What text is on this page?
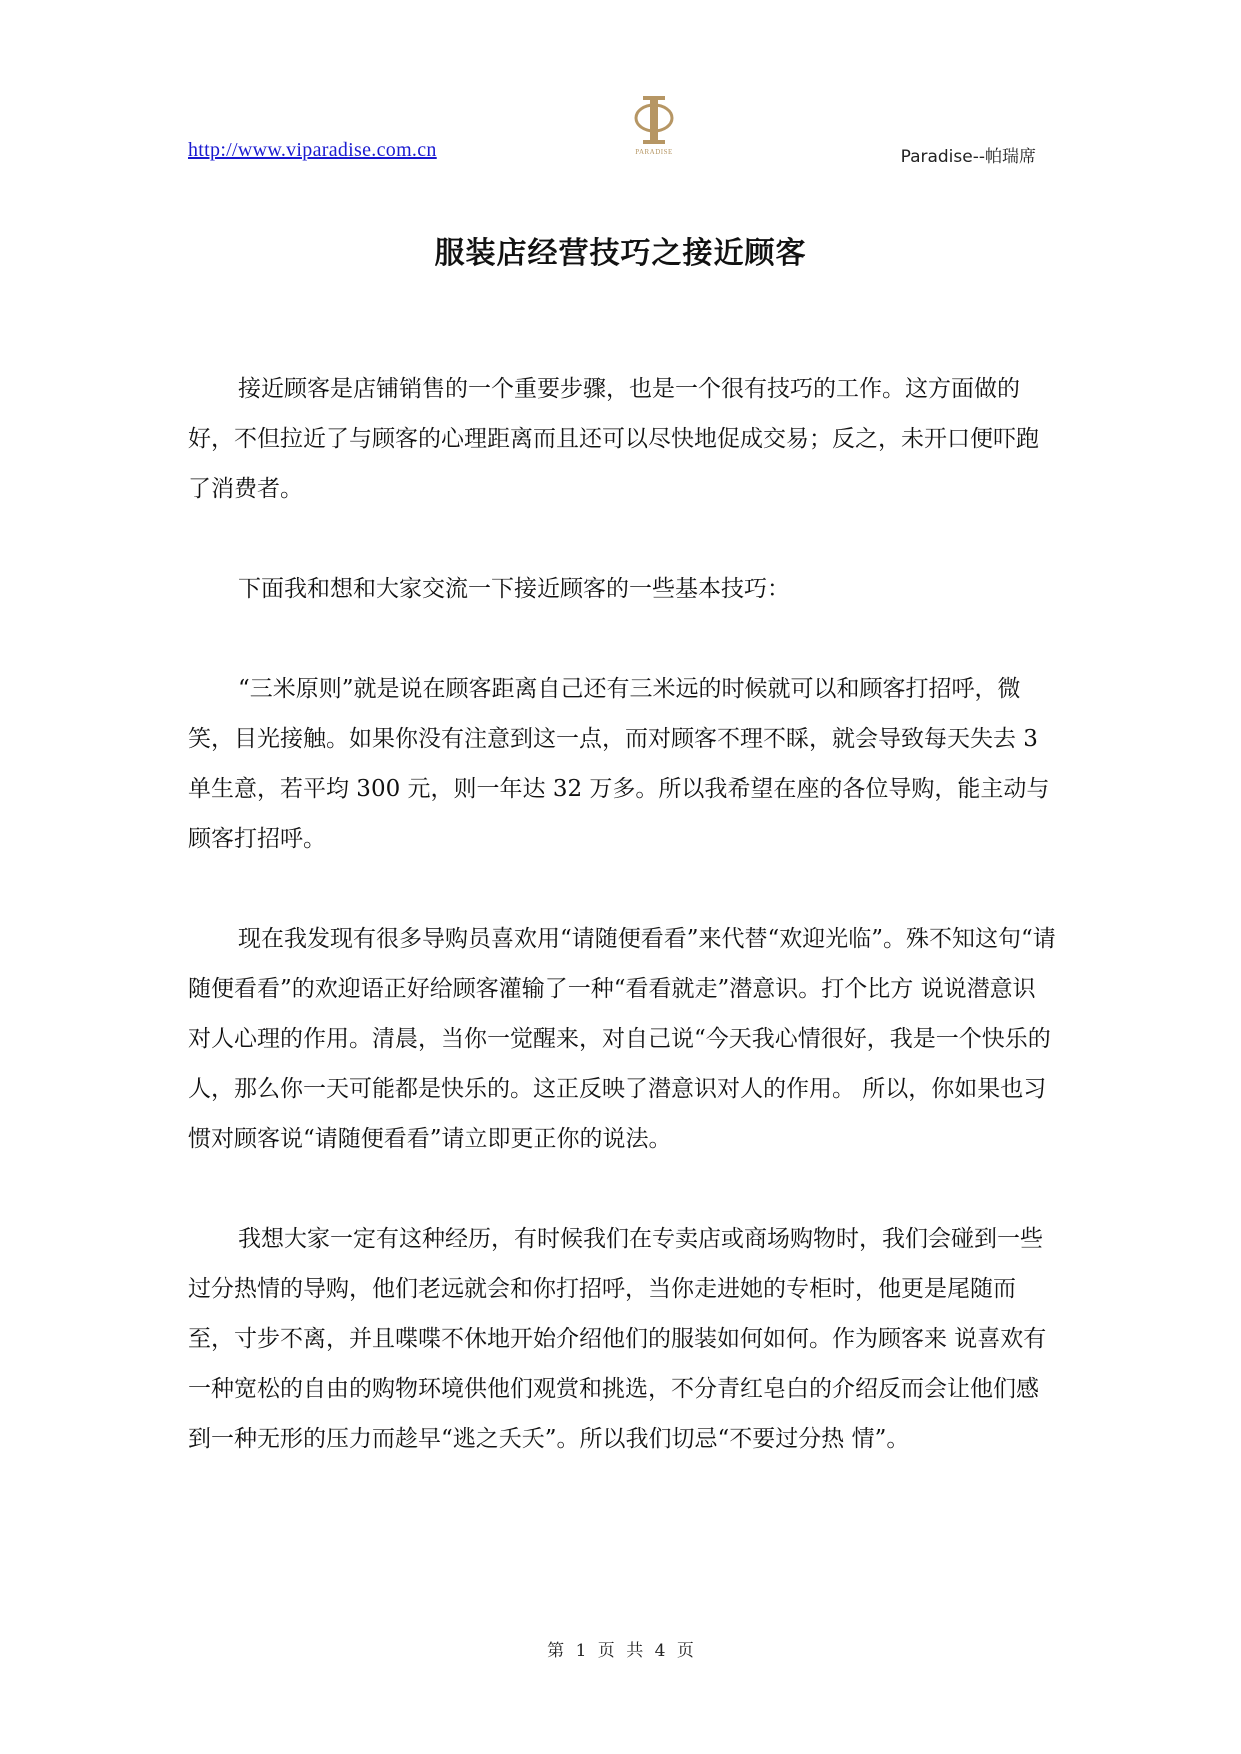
http://www.viparadise.com.cn	PARADISE	Paradise--帕瑞席
服装店经营技巧之接近顾客

接近顾客是店铺销售的一个重要步骤，也是一个很有技巧的工作。这方面做的好，不但拉近了与顾客的心理距离而且还可以尽快地促成交易；反之，未开口便吓跑了消费者。

下面我和想和大家交流一下接近顾客的一些基本技巧：

“三米原则”就是说在顾客距离自己还有三米远的时候就可以和顾客打招呼，微笑，目光接触。如果你没有注意到这一点，而对顾客不理不睬，就会导致每天失去 3 单生意，若平均 300 元，则一年达 32 万多。所以我希望在座的各位导购，能主动与顾客打招呼。

现在我发现有很多导购员喜欢用“请随便看看”来代替“欢迎光临”。殊不知这句“请随便看看”的欢迎语正好给顾客灌输了一种“看看就走”潜意识。打个比方 说说潜意识对人心理的作用。清晨，当你一觉醒来，对自己说“今天我心情很好，我是一个快乐的人，那么你一天可能都是快乐的。这正反映了潜意识对人的作用。 所以，你如果也习惯对顾客说“请随便看看”请立即更正你的说法。

我想大家一定有这种经历，有时候我们在专卖店或商场购物时，我们会碰到一些过分热情的导购，他们老远就会和你打招呼，当你走进她的专柜时，他更是尾随而至，寸步不离，并且喋喋不休地开始介绍他们的服装如何如何。作为顾客来 说喜欢有一种宽松的自由的购物环境供他们观赏和挑选，不分青红皂白的介绍反而会让他们感到一种无形的压力而趁早“逃之夭夭”。所以我们切忌“不要过分热 情”。

第 1 页 共 4 页
